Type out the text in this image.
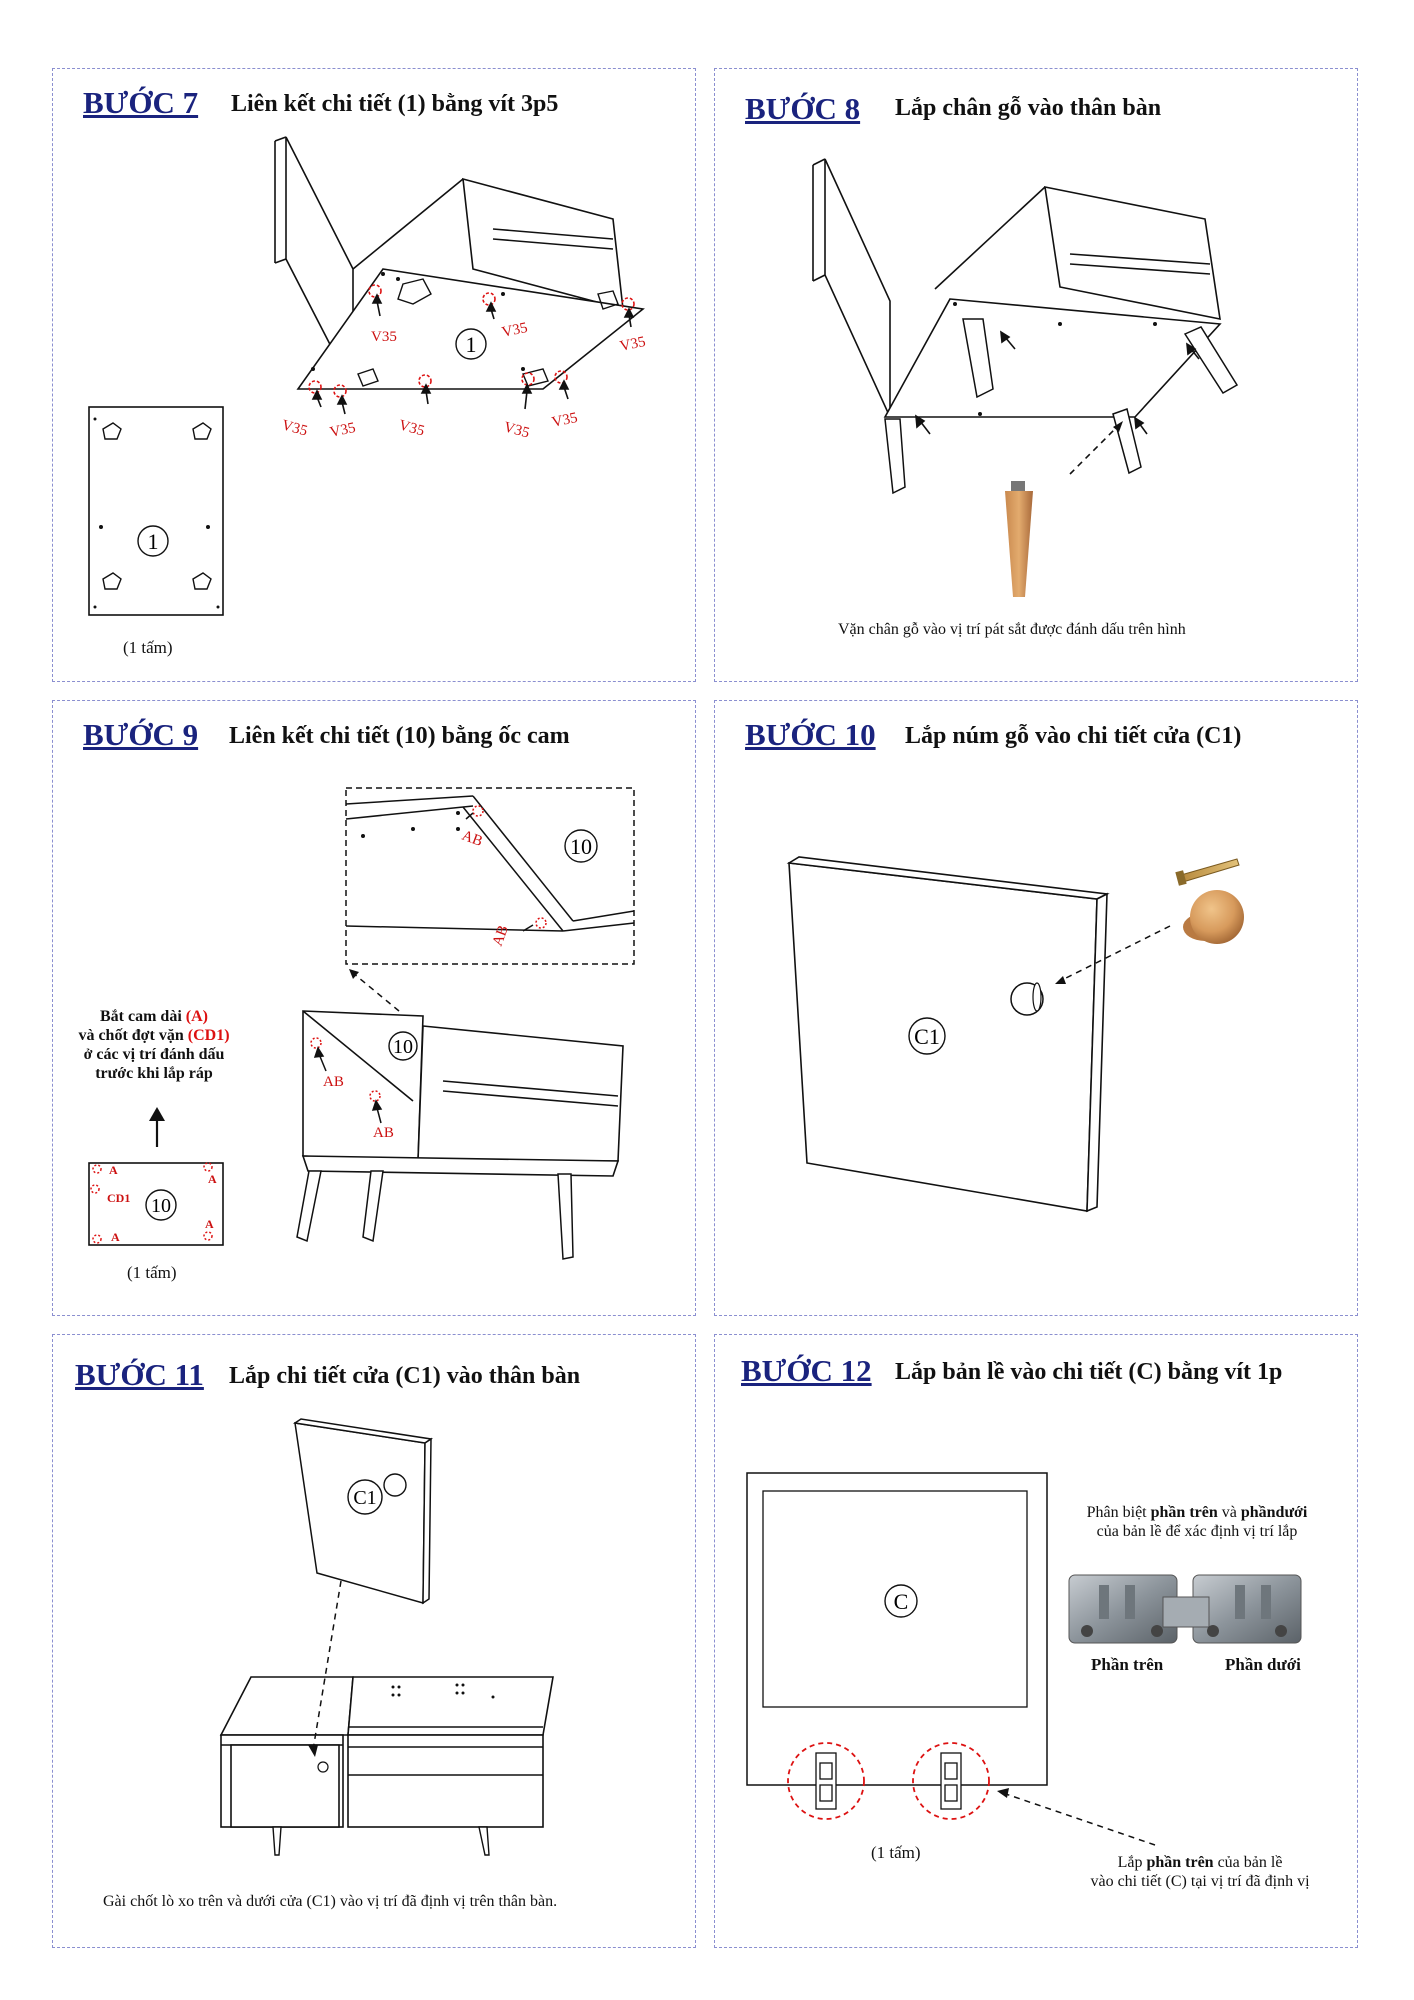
BƯỚC 7 Liên kết chi tiết (1) bằng vít 3p5
1
V35	V35
V35
V35 V35	V35	V35 V35
1
(1 tấm)
BƯỚC 8 Lắp chân gỗ vào thân bàn
Vặn chân gỗ vào vị trí pát sắt được đánh dấu trên hình
BƯỚC 9 Liên kết chi tiết (10) bằng ốc cam
10
AB
AB
10
AB
AB
A
A
A
A
CD1 10
Bắt cam dài (A)
và chốt đợt vặn (CD1)
ở các vị trí đánh dấu
trước khi lắp ráp
(1 tấm)
BƯỚC 10 Lắp núm gỗ vào chi tiết cửa (C1)
C1
BƯỚC 11 Lắp chi tiết cửa (C1) vào thân bàn
C1
Gài chốt lò xo trên và dưới cửa (C1) vào vị trí đã định vị trên thân bàn.
BƯỚC 12 Lắp bản lề vào chi tiết (C) bằng vít 1p
C
Phân biệt phần trên và phầndưới
của bản lề để xác định vị trí lắp
Phần trên	Phần dưới
Lắp phần trên của bản lề
vào chi tiết (C) tại vị trí đã định vị
(1 tấm)
